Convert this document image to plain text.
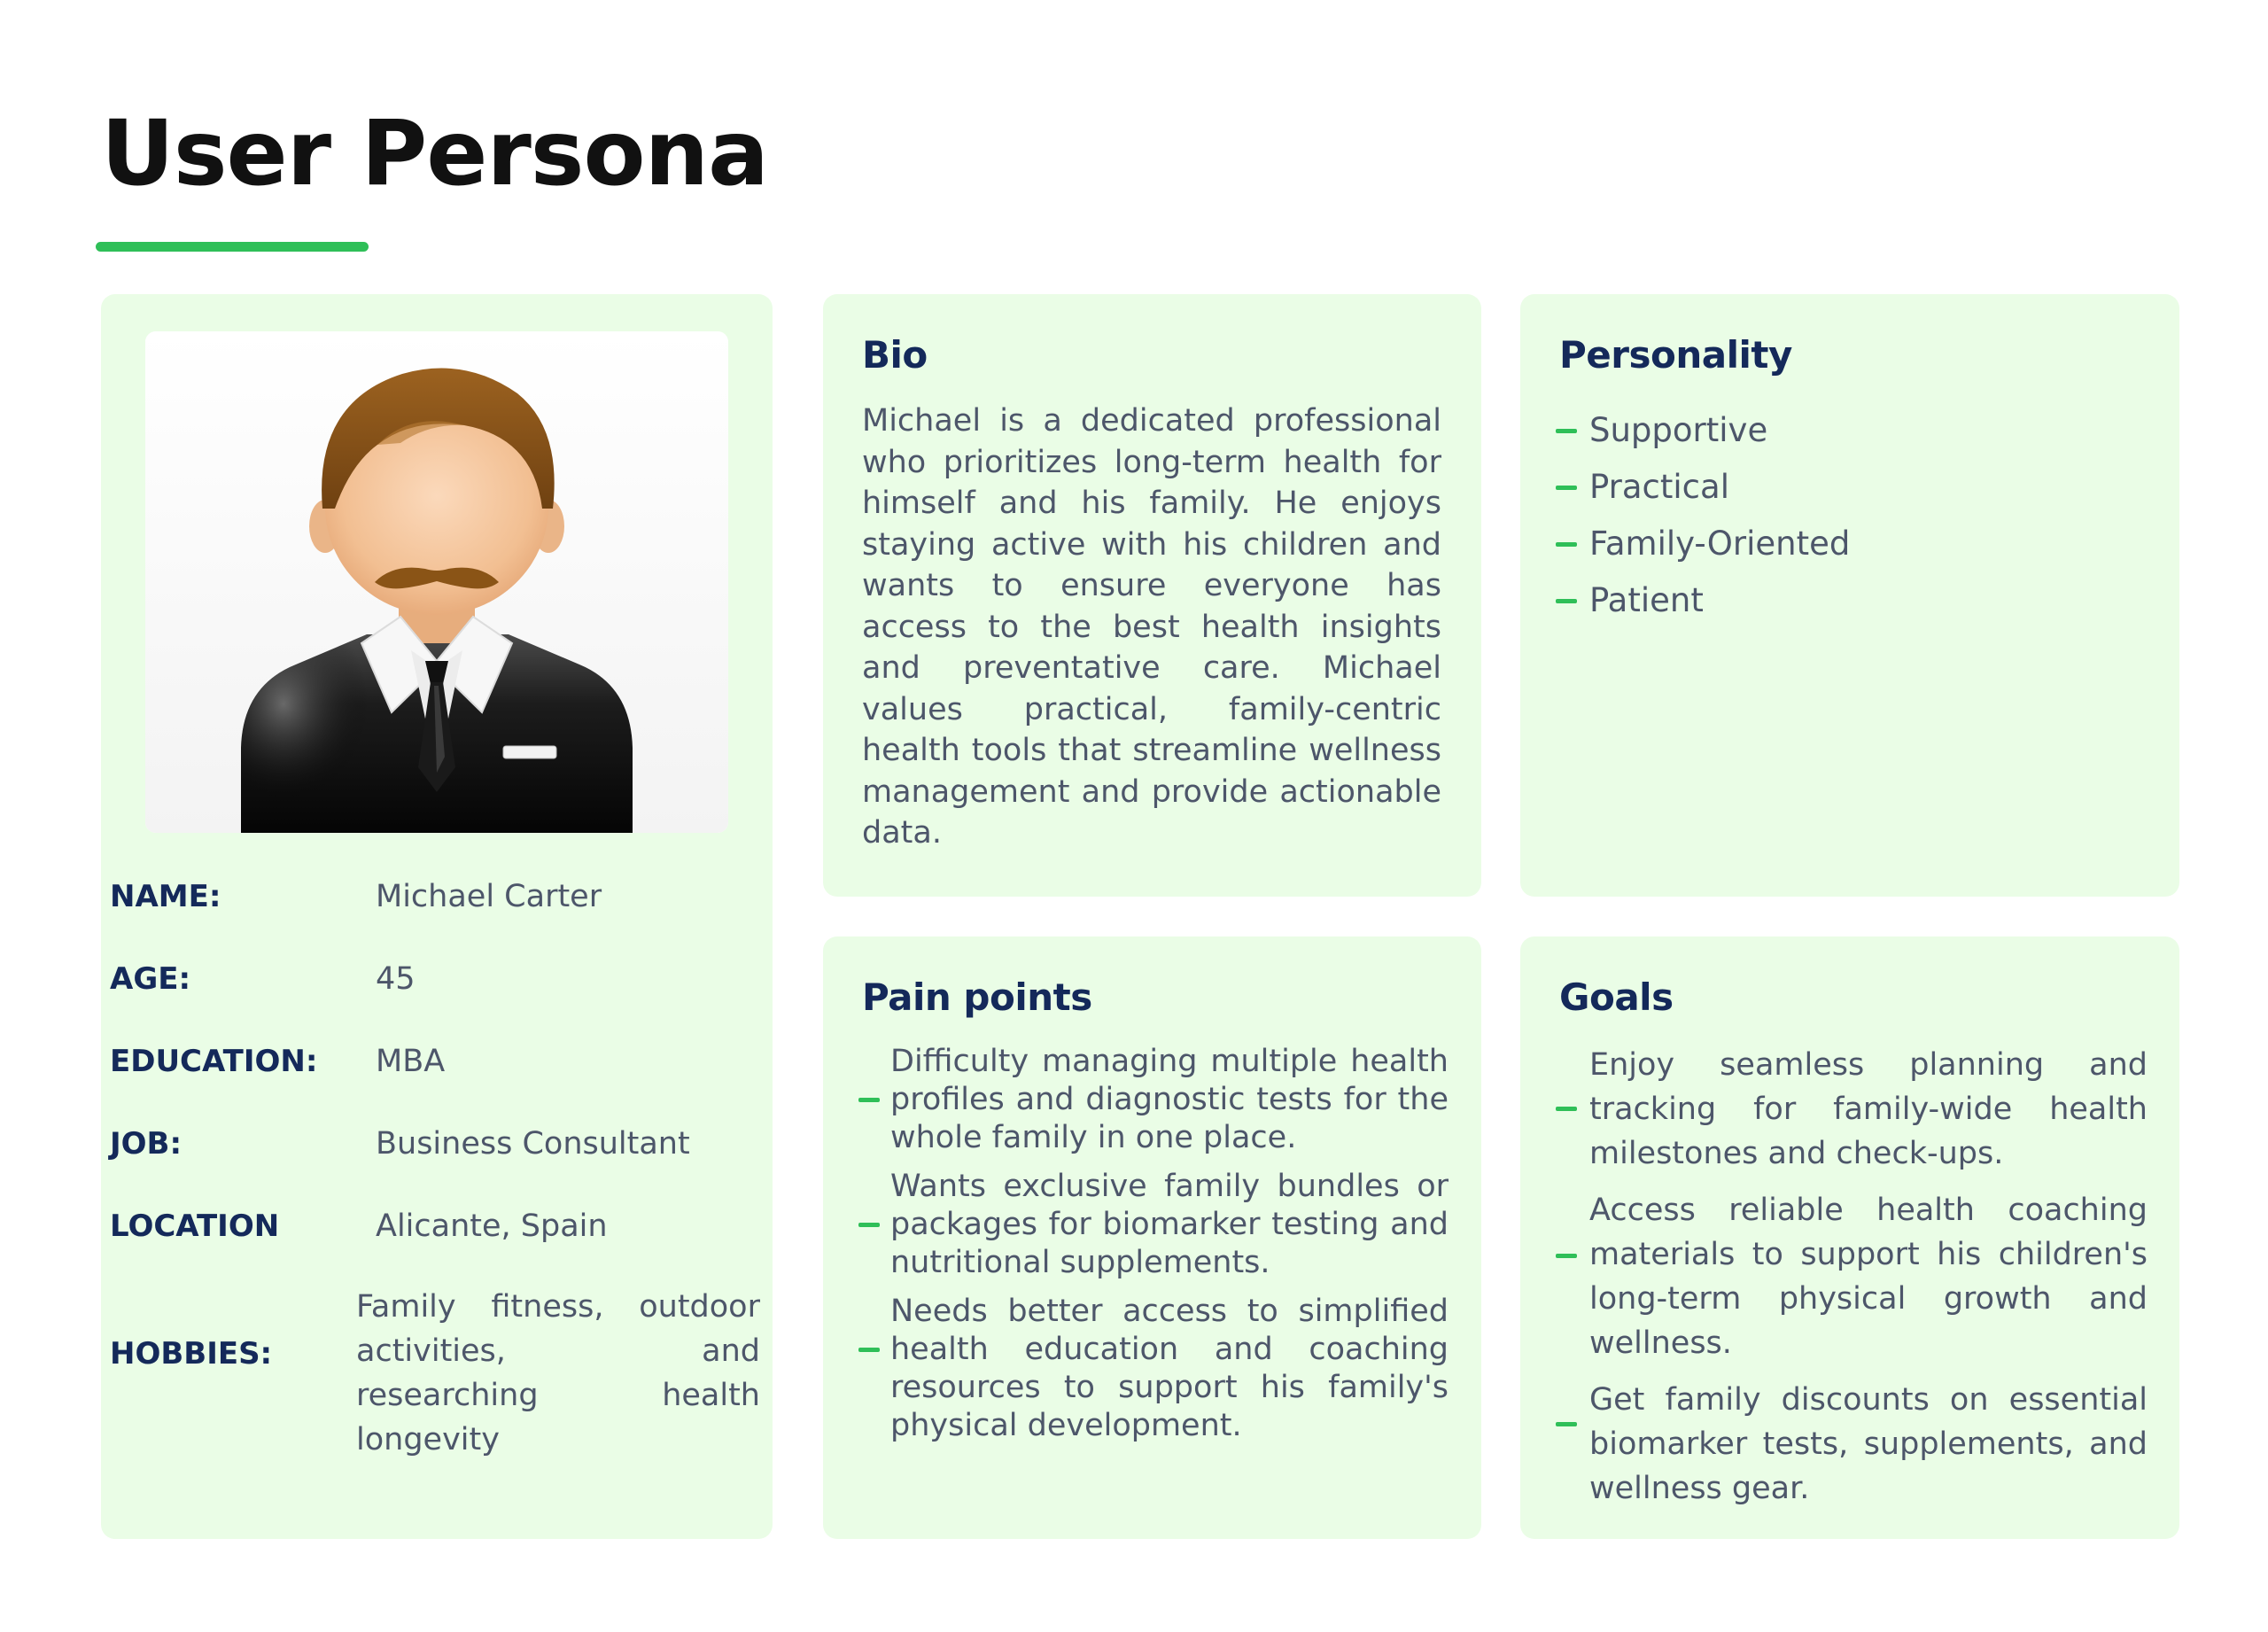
User Persona
NAME:	Michael Carter
AGE:	45
EDUCATION: MBA
JOB:	Business Consultant
LOCATION	Alicante, Spain
HOBBIES:
Family fitness, outdoor activities, and researching health longevity
Bio

Michael is a dedicated professional who prioritizes long-term health for himself and his family. He enjoys staying active with his children and wants to ensure everyone has access to the best health insights and preventative care. Michael values practical, family-centric health tools that streamline wellness management and provide actionable data.

Personality
Supportive
Practical
Family-Oriented
Patient
Pain points
Difficulty managing multiple health profiles and diagnostic tests for the whole family in one place.
Wants exclusive family bundles or packages for biomarker testing and nutritional supplements.
Needs better access to simplified health education and coaching resources to support his family's physical development.
Goals
Enjoy seamless planning and tracking for family-wide health milestones and check-ups.
Access reliable health coaching materials to support his children's long-term physical growth and wellness.
Get family discounts on essential biomarker tests, supplements, and wellness gear.
